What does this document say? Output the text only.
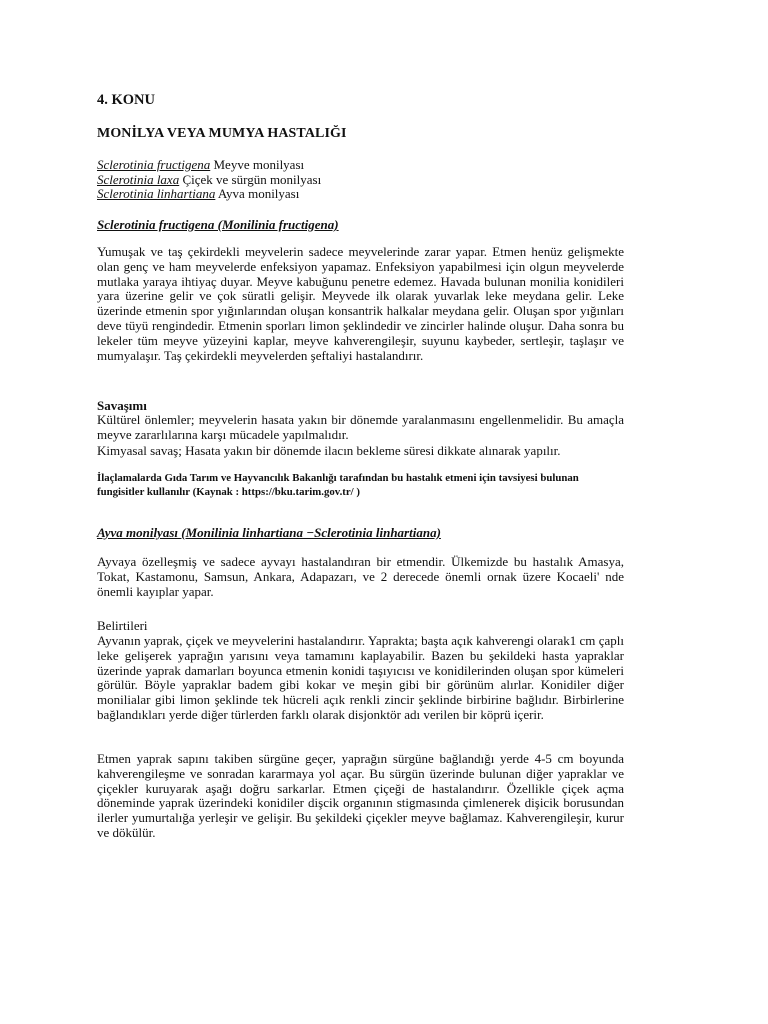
4. KONU

MONİLYA VEYA MUMYA HASTALIĞI

Sclerotinia fructigena Meyve monilyası
Sclerotinia laxa Çiçek ve sürgün monilyası
Sclerotinia linhartiana Ayva monilyası

Sclerotinia fructigena (Monilinia fructigena)

Yumuşak ve taş çekirdekli meyvelerin sadece meyvelerinde zarar yapar. Etmen henüz gelişmekte olan genç ve ham meyvelerde enfeksiyon yapamaz. Enfeksiyon yapabilmesi için olgun meyvelerde mutlaka yaraya ihtiyaç duyar. Meyve kabuğunu penetre edemez. Havada bulunan monilia konidileri yara üzerine gelir ve çok süratli gelişir. Meyvede ilk olarak yuvarlak leke meydana gelir. Leke üzerinde etmenin spor yığınlarından oluşan konsantrik halkalar meydana gelir. Oluşan spor yığınları deve tüyü rengindedir. Etmenin sporları limon şeklindedir ve zincirler halinde oluşur. Daha sonra bu lekeler tüm meyve yüzeyini kaplar, meyve kahverengileşir, suyunu kaybeder, sertleşir, taşlaşır ve mumyalaşır. Taş çekirdekli meyvelerden şeftaliyi hastalandırır.

Savaşımı

Kültürel önlemler; meyvelerin hasata yakın bir dönemde yaralanmasını engellenmelidir. Bu amaçla meyve zararlılarına karşı mücadele yapılmalıdır.

Kimyasal savaş; Hasata yakın bir dönemde ilacın bekleme süresi dikkate alınarak yapılır.

İlaçlamalarda Gıda Tarım ve Hayvancılık Bakanlığı tarafından bu hastalık etmeni için tavsiyesi bulunan fungisitler kullanılır (Kaynak : https://bku.tarim.gov.tr/ )

Ayva monilyası (Monilinia linhartiana −Sclerotinia linhartiana)

Ayvaya özelleşmiş ve sadece ayvayı hastalandıran bir etmendir. Ülkemizde bu hastalık Amasya, Tokat, Kastamonu, Samsun, Ankara, Adapazarı, ve 2 derecede önemli ornak üzere Kocaeli' nde önemli kayıplar yapar.

Belirtileri

Ayvanın yaprak, çiçek ve meyvelerini hastalandırır. Yaprakta; başta açık kahverengi olarak1 cm çaplı leke gelişerek yaprağın yarısını veya tamamını kaplayabilir. Bazen bu şekildeki hasta yapraklar üzerinde yaprak damarları boyunca etmenin konidi taşıyıcısı ve konidilerinden oluşan spor kümeleri görülür. Böyle yapraklar badem gibi kokar ve meşin gibi bir görünüm alırlar. Konidiler diğer monilialar gibi limon şeklinde tek hücreli açık renkli zincir şeklinde birbirine bağlıdır. Birbirlerine bağlandıkları yerde diğer türlerden farklı olarak disjonktör adı verilen bir köprü içerir.

Etmen yaprak sapını takiben sürgüne geçer, yaprağın sürgüne bağlandığı yerde 4-5 cm boyunda kahverengileşme ve sonradan kararmaya yol açar. Bu sürgün üzerinde bulunan diğer yapraklar ve çiçekler kuruyarak aşağı doğru sarkarlar. Etmen çiçeği de hastalandırır. Özellikle çiçek açma döneminde yaprak üzerindeki konidiler dişcik organının stigmasında çimlenerek dişicik borusundan ilerler yumurtalığa yerleşir ve gelişir. Bu şekildeki çiçekler meyve bağlamaz. Kahverengileşir, kurur ve dökülür.
